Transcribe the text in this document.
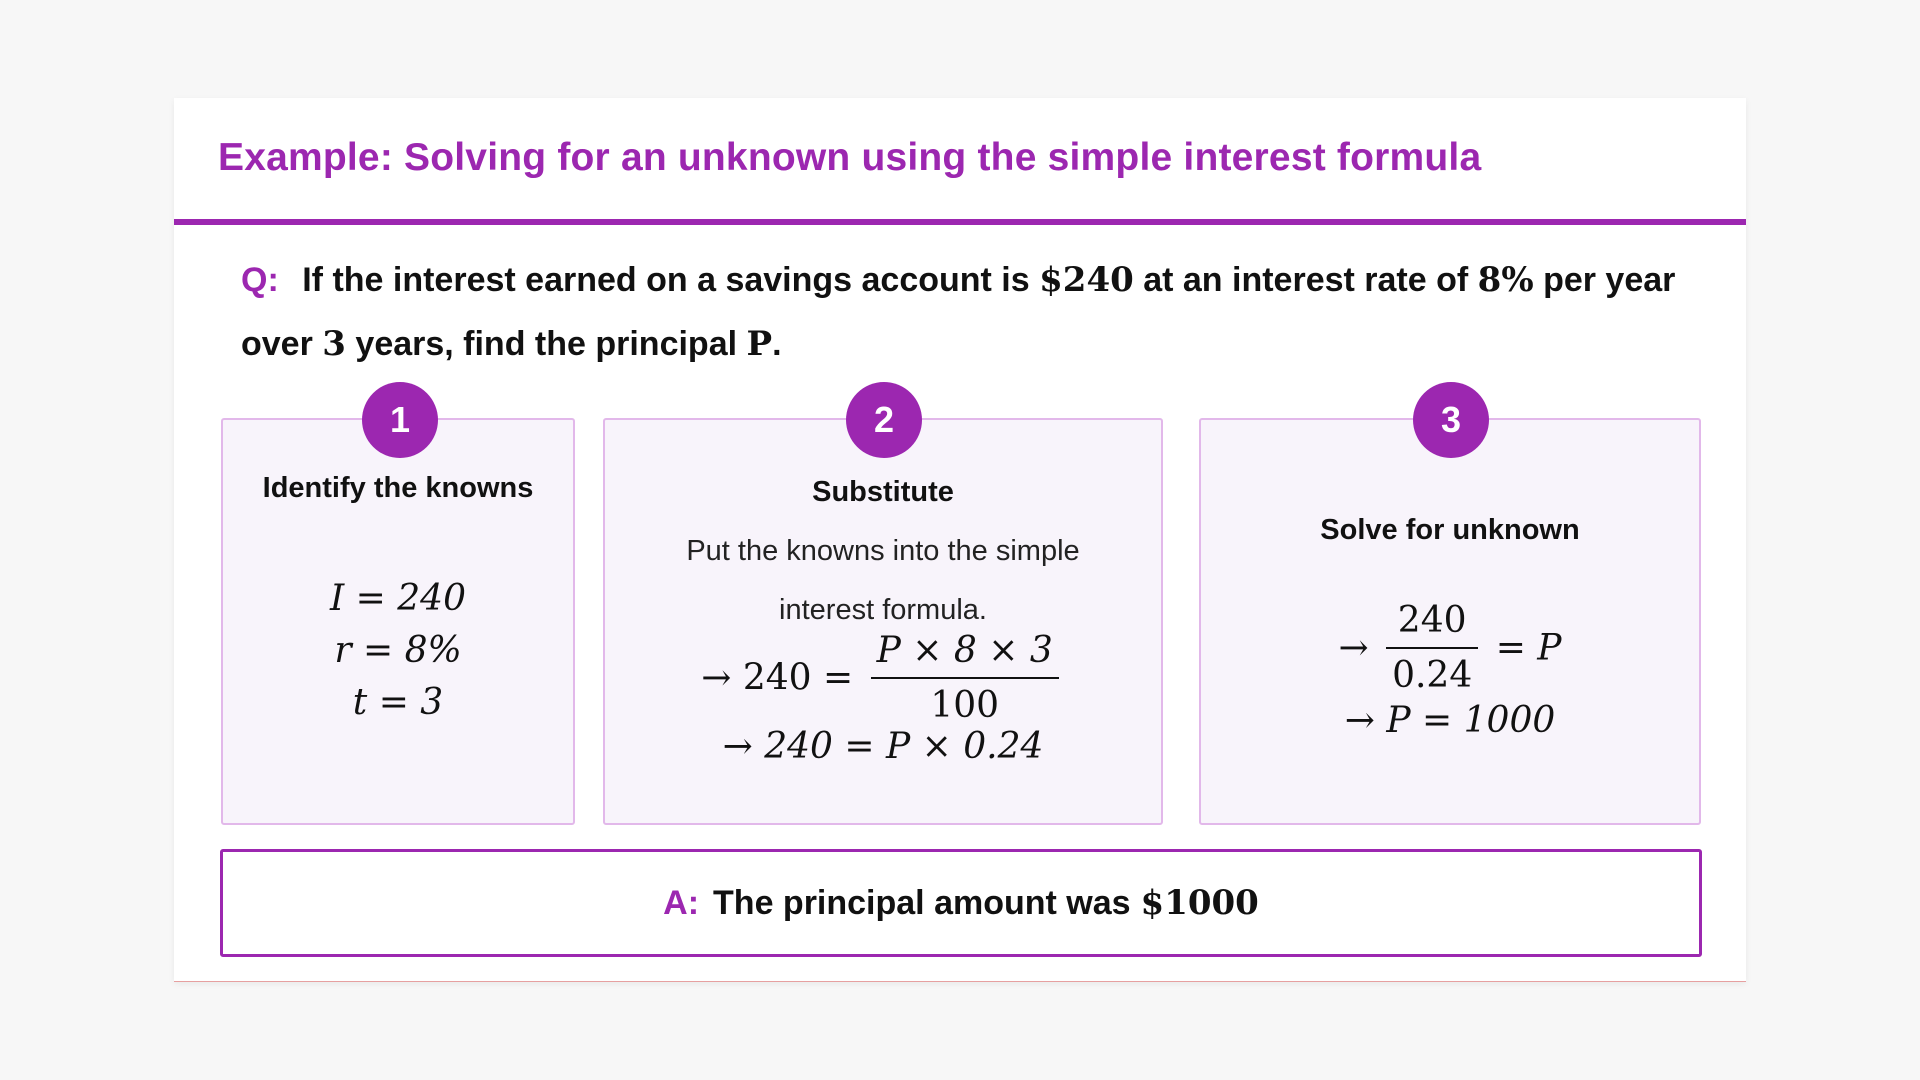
Example: Solving for an unknown using the simple interest formula

Q: If the interest earned on a savings account is $240 at an interest rate of 8% per year over 3 years, find the principal P.

1
Identify the knowns
I = 240
r = 8%
t = 3
2
Substitute
Put the knowns into the simple
interest formula.
→ $240 = \frac{P \times 8 \times 3}{100}$
→ 240 = P × 0.24
3
Solve for unknown
→ $\frac{240}{0.24} = P$
→ P = 1000
A: The principal amount was $1000
